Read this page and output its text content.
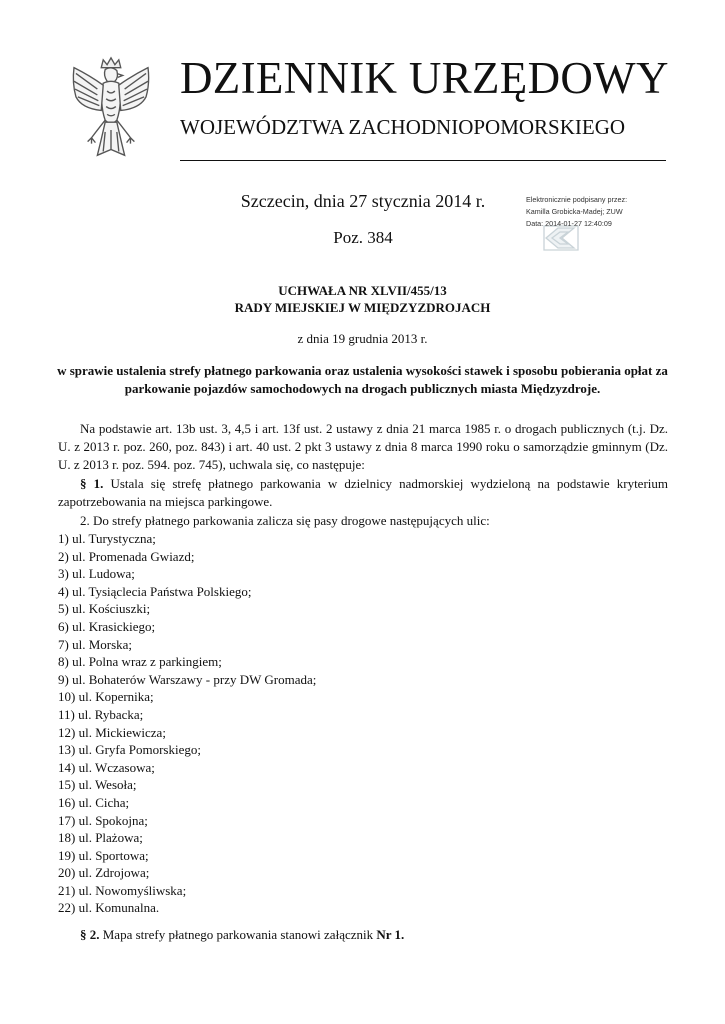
DZIENNIK URZĘDOWY
WOJEWÓDZTWA ZACHODNIOPOMORSKIEGO
Szczecin, dnia 27 stycznia 2014 r.
Poz. 384
Elektronicznie podpisany przez:
Kamilla Grobicka-Madej; ZUW
Data: 2014-01-27 12:40:09
UCHWAŁA NR XLVII/455/13
RADY MIEJSKIEJ W MIĘDZYZDROJACH
z dnia 19 grudnia 2013 r.
w sprawie ustalenia strefy płatnego parkowania oraz ustalenia wysokości stawek i sposobu pobierania opłat za parkowanie pojazdów samochodowych na drogach publicznych miasta Międzyzdroje.
Na podstawie art. 13b ust. 3, 4,5 i art. 13f ust. 2 ustawy z dnia 21 marca 1985 r. o drogach publicznych (t.j. Dz. U. z 2013 r. poz. 260, poz. 843) i art. 40 ust. 2 pkt 3 ustawy z dnia 8 marca 1990 roku o samorządzie gminnym (Dz. U. z 2013 r. poz. 594. poz. 745), uchwala się, co następuje:
§ 1. Ustala się strefę płatnego parkowania w dzielnicy nadmorskiej wydzieloną na podstawie kryterium zapotrzebowania na miejsca parkingowe.
2. Do strefy płatnego parkowania zalicza się pasy drogowe następujących ulic:
1) ul. Turystyczna;
2) ul. Promenada Gwiazd;
3) ul. Ludowa;
4) ul. Tysiąclecia Państwa Polskiego;
5) ul. Kościuszki;
6) ul. Krasickiego;
7) ul. Morska;
8) ul. Polna wraz z parkingiem;
9) ul. Bohaterów Warszawy - przy DW Gromada;
10) ul. Kopernika;
11) ul. Rybacka;
12) ul. Mickiewicza;
13) ul. Gryfa Pomorskiego;
14) ul. Wczasowa;
15) ul. Wesoła;
16) ul. Cicha;
17) ul. Spokojna;
18) ul. Plażowa;
19) ul. Sportowa;
20) ul. Zdrojowa;
21) ul. Nowomyśliwska;
22) ul. Komunalna.
§ 2. Mapa strefy płatnego parkowania stanowi załącznik Nr 1.
